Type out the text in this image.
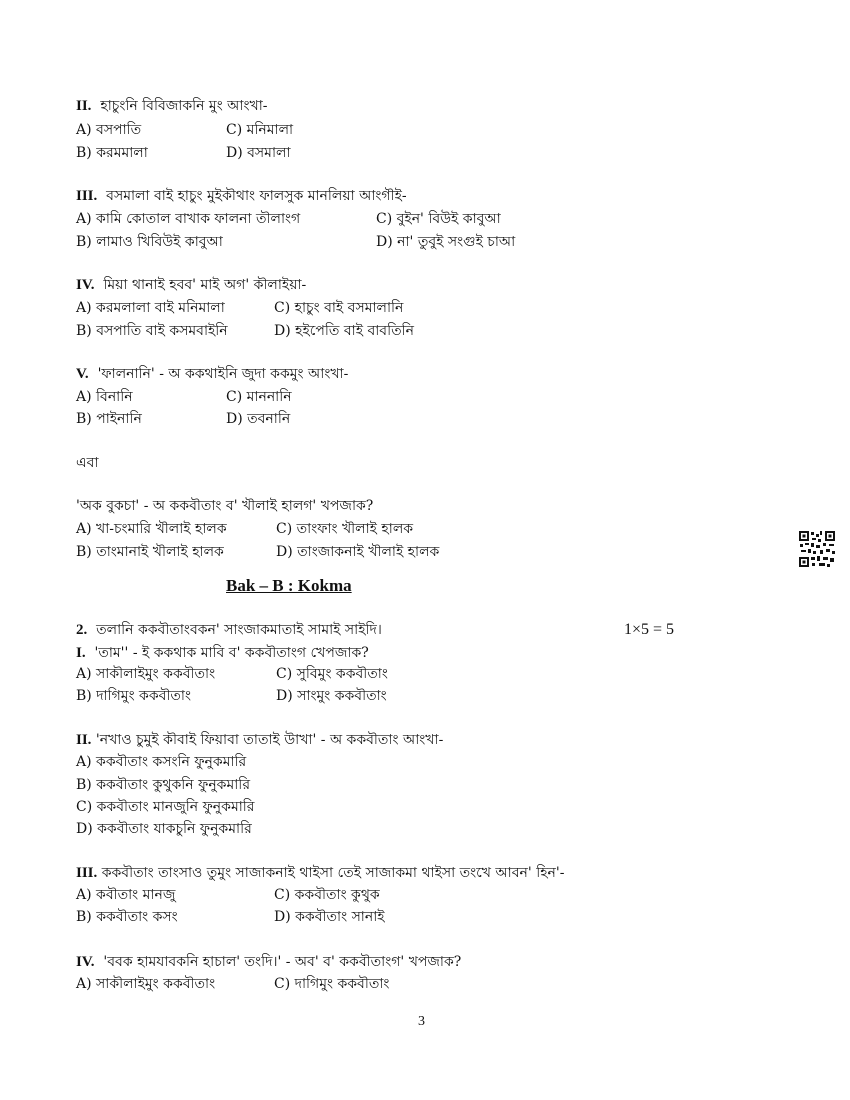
II. হাচুংনি বিবিজাকনি মুং আংখা-
A) বসপাতি	C) মনিমালা
B) করমমালা	D) বসমালা
III. বসমালা বাই হাচুং মুইকৗথাং ফালসুক মানলিয়া আংগৗই-
A) কামি কোতাল বাখাক ফালনা তৗলাংগ	C) বুইন' বিউই কাবুআ
B) লামাও খিবিউই কাবুআ	D) না' তুবুই সংগুই চাআ
IV. মিয়া থানাই হবব' মাই অগ' কৗলাইয়া-
A) করমলালা বাই মনিমালা	C) হাচুং বাই বসমালানি
B) বসপাতি বাই কসমবাইনি	D) হইপেতি বাই বাবতিনি
V. 'ফালনানি' - অ ককথাইনি জুদা ককমুং আংখা-
A) বিনানি	C) মাননানি
B) পাইনানি	D) তবনানি
এবা
'অক বুকচা' - অ ককবৗতাং ব' খৗলাই হালগ' খপজাক?
A) খা-চংমারি খৗলাই হালক	C) তাংফাং খৗলাই হালক
B) তাংমানাই খৗলাই হালক	D) তাংজাকনাই খৗলাই হালক
Bak – B : Kokma
2. তলানি ককবৗতাংবকন' সাংজাকমাতাই সামাই সাইদি।	1×5 = 5
I. 'তাম'' - ই ককথাক মাবি ব' ককবৗতাংগ খেপজাক?
A) সাকৗলাইমুং ককবৗতাং	C) সুবিমুং ককবৗতাং
B) দাগিমুং ককবৗতাং	D) সাংমুং ককবৗতাং
II. 'নখাও চুমুই কৗবাই ফিয়াবা তাতাই উাখা' - অ ককবৗতাং আংখা-
A) ককবৗতাং কসংনি ফুনুকমারি
B) ককবৗতাং কুথুকনি ফুনুকমারি
C) ককবৗতাং মানজুনি ফুনুকমারি
D) ককবৗতাং যাকচুনি ফুনুকমারি
III. ককবৗতাং তাংসাও তুমুং সাজাকনাই থাইসা তেই সাজাকমা থাইসা তংখে আবন' হিন'-
A) কবৗতাং মানজু	C) ককবৗতাং কুথুক
B) ককবৗতাং কসং	D) ককবৗতাং সানাই
IV. 'ববক হামযাবকনি হাচাল' তংদি।' - অব' ব' ককবৗতাংগ' খপজাক?
A) সাকৗলাইমুং ককবৗতাং	C) দাগিমুং ককবৗতাং
3
